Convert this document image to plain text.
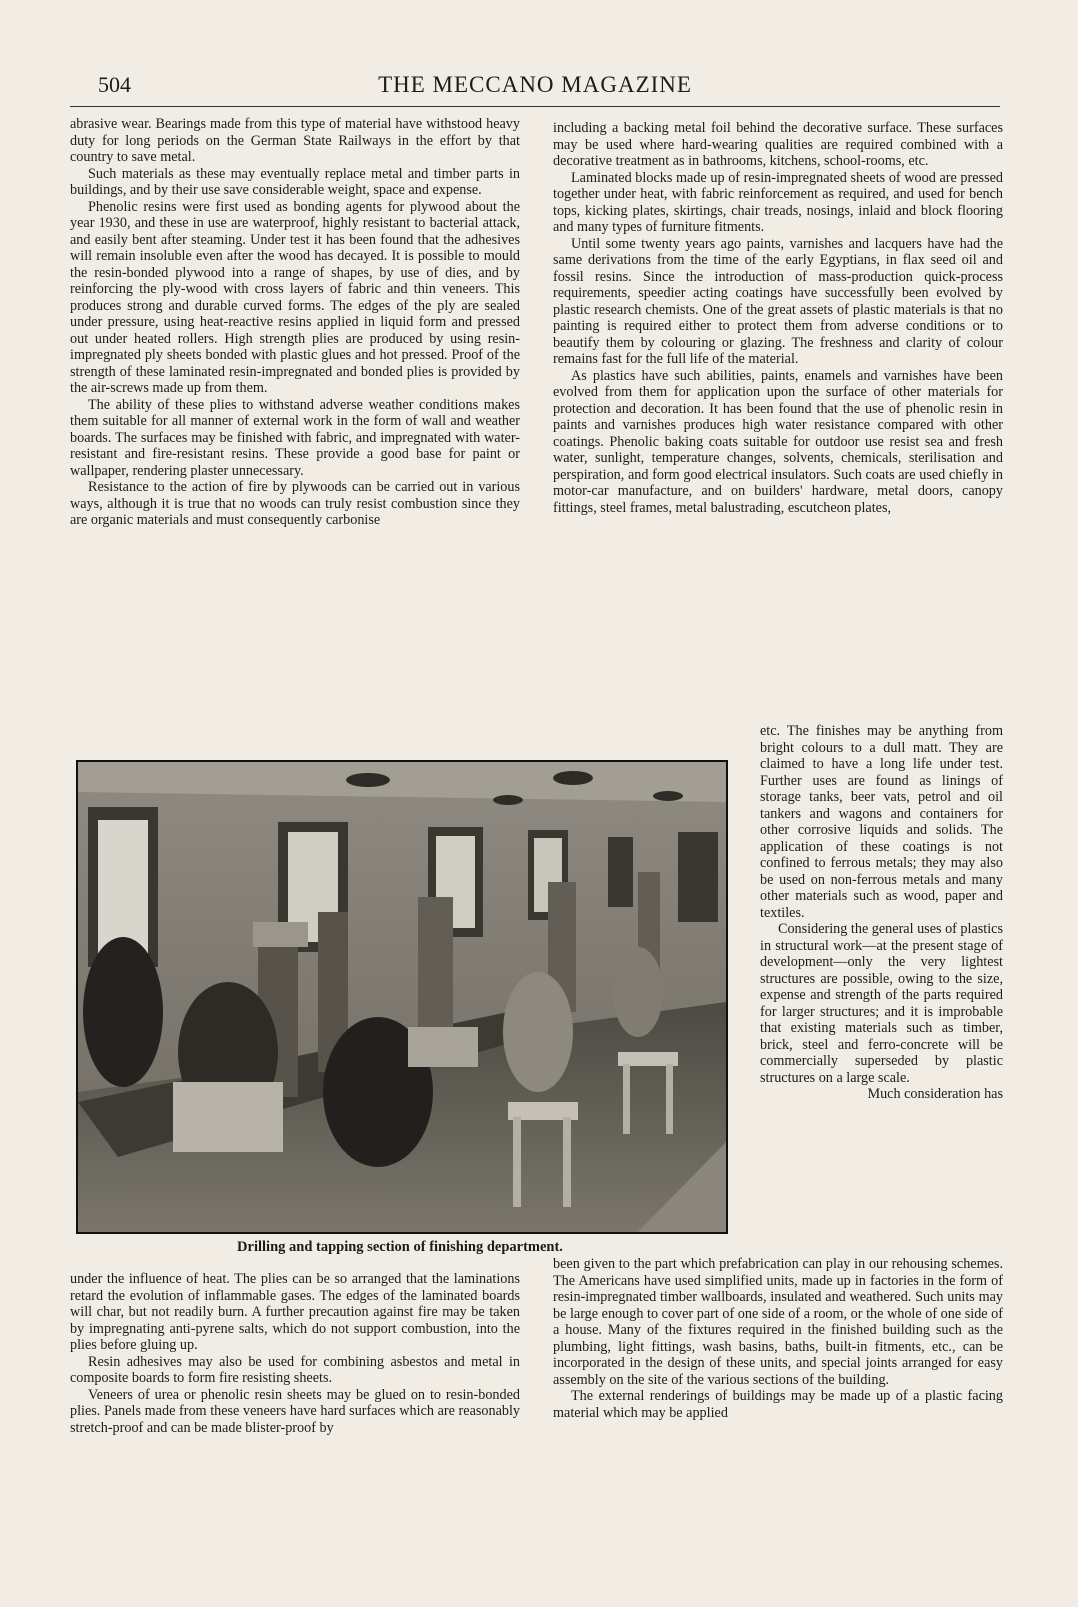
504	THE MECCANO MAGAZINE

abrasive wear. Bearings made from this type of material have withstood heavy duty for long periods on the German State Railways in the effort by that country to save metal.

Such materials as these may eventually replace metal and timber parts in buildings, and by their use save considerable weight, space and expense.

Phenolic resins were first used as bonding agents for plywood about the year 1930, and these in use are waterproof, highly resistant to bacterial attack, and easily bent after steaming. Under test it has been found that the adhesives will remain insoluble even after the wood has decayed. It is possible to mould the resin-bonded plywood into a range of shapes, by use of dies, and by reinforcing the ply-wood with cross layers of fabric and thin veneers. This produces strong and durable curved forms. The edges of the ply are sealed under pressure, using heat-reactive resins applied in liquid form and pressed out under heated rollers. High strength plies are produced by using resin-impregnated ply sheets bonded with plastic glues and hot pressed. Proof of the strength of these laminated resin-impregnated and bonded plies is provided by the air-screws made up from them.

The ability of these plies to withstand adverse weather conditions makes them suitable for all manner of external work in the form of wall and weather boards. The surfaces may be finished with fabric, and impregnated with water-resistant and fire-resistant resins. These provide a good base for paint or wallpaper, rendering plaster unnecessary.

Resistance to the action of fire by plywoods can be carried out in various ways, although it is true that no woods can truly resist combustion since they are organic materials and must consequently carbonise

including a backing metal foil behind the decorative surface. These surfaces may be used where hard-wearing qualities are required combined with a decorative treatment as in bathrooms, kitchens, school-rooms, etc.

Laminated blocks made up of resin-impregnated sheets of wood are pressed together under heat, with fabric reinforcement as required, and used for bench tops, kicking plates, skirtings, chair treads, nosings, inlaid and block flooring and many types of furniture fitments.

Until some twenty years ago paints, varnishes and lacquers have had the same derivations from the time of the early Egyptians, in flax seed oil and fossil resins. Since the introduction of mass-production quick-process requirements, speedier acting coatings have successfully been evolved by plastic research chemists. One of the great assets of plastic materials is that no painting is required either to protect them from adverse conditions or to beautify them by colouring or glazing. The freshness and clarity of colour remains fast for the full life of the material.

As plastics have such abilities, paints, enamels and varnishes have been evolved from them for application upon the surface of other materials for protection and decoration. It has been found that the use of phenolic resin in paints and varnishes produces high water resistance compared with other coatings. Phenolic baking coats suitable for outdoor use resist sea and fresh water, sunlight, temperature changes, solvents, chemicals, sterilisation and perspiration, and form good electrical insulators. Such coats are used chiefly in motor-car manufacture, and on builders' hardware, metal doors, canopy fittings, steel frames, metal balustrading, escutcheon plates,

etc. The finishes may be anything from bright colours to a dull matt. They are claimed to have a long life under test. Further uses are found as linings of storage tanks, beer vats, petrol and oil tankers and wagons and containers for other corrosive liquids and solids. The application of these coatings is not confined to ferrous metals; they may also be used on non-ferrous metals and many other materials such as wood, paper and textiles.

Considering the general uses of plastics in structural work—at the present stage of development—only the very lightest structures are possible, owing to the size, expense and strength of the parts required for larger structures; and it is improbable that existing materials such as timber, brick, steel and ferro-concrete will be commercially superseded by plastic structures on a large scale.

Much consideration has

Drilling and tapping section of finishing department.

under the influence of heat. The plies can be so arranged that the laminations retard the evolution of inflammable gases. The edges of the laminated boards will char, but not readily burn. A further precaution against fire may be taken by impregnating anti-pyrene salts, which do not support combustion, into the plies before gluing up.

Resin adhesives may also be used for combining asbestos and metal in composite boards to form fire resisting sheets.

Veneers of urea or phenolic resin sheets may be glued on to resin-bonded plies. Panels made from these veneers have hard surfaces which are reasonably stretch-proof and can be made blister-proof by

been given to the part which prefabrication can play in our rehousing schemes. The Americans have used simplified units, made up in factories in the form of resin-impregnated timber wallboards, insulated and weathered. Such units may be large enough to cover part of one side of a room, or the whole of one side of a house. Many of the fixtures required in the finished building such as the plumbing, light fittings, wash basins, baths, built-in fitments, etc., can be incorporated in the design of these units, and special joints arranged for easy assembly on the site of the various sections of the building.

The external renderings of buildings may be made up of a plastic facing material which may be applied
